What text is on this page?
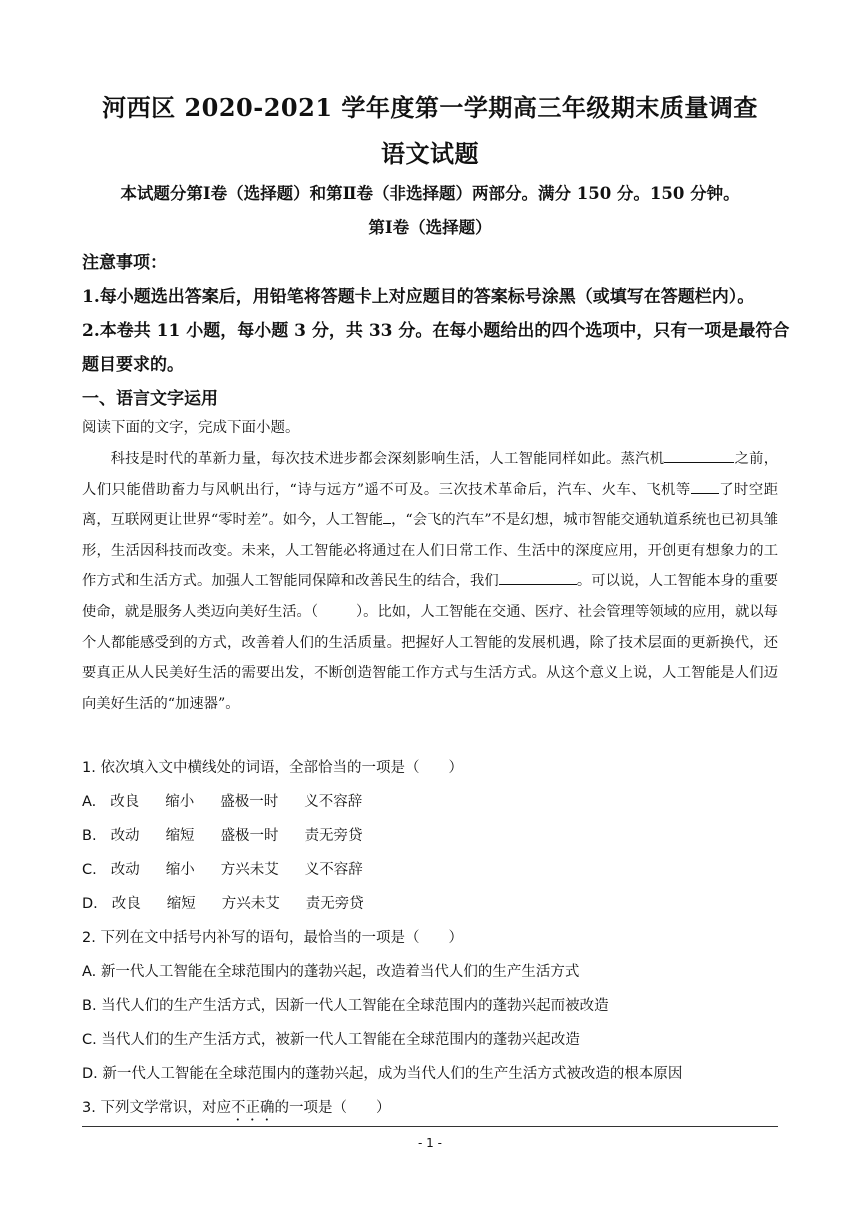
河西区 2020-2021 学年度第一学期高三年级期末质量调查
语文试题
本试题分第Ⅰ卷（选择题）和第Ⅱ卷（非选择题）两部分。满分 150 分。150 分钟。
第Ⅰ卷（选择题）
注意事项：
1.每小题选出答案后，用铅笔将答题卡上对应题目的答案标号涂黑（或填写在答题栏内）。
2.本卷共 11 小题，每小题 3 分，共 33 分。在每小题给出的四个选项中，只有一项是最符合
题目要求的。
一、语言文字运用
阅读下面的文字，完成下面小题。

科技是时代的革新力量，每次技术进步都会深刻影响生活，人工智能同样如此。蒸汽机	之前，人们只能借助畜力与风帆出行，“诗与远方”遥不可及。三次技术革命后，汽车、火车、飞机等 了时空距离，互联网更让世界“零时差”。如今，人工智能 ，“会飞的汽车”不是幻想，城市智能交通轨道系统也已初具雏形，生活因科技而改变。未来，人工智能必将通过在人们日常工作、生活中的深度应用，开创更有想象力的工作方式和生活方式。加强人工智能同保障和改善民生的结合，我们	。可以说，人工智能本身的重要使命，就是服务人类迈向美好生活。（	）。比如，人工智能在交通、医疗、社会管理等领域的应用，就以每个人都能感受到的方式，改善着人们的生活质量。把握好人工智能的发展机遇，除了技术层面的更新换代，还要真正从人民美好生活的需要出发，不断创造智能工作方式与生活方式。从这个意义上说，人工智能是人们迈向美好生活的“加速器”。

1. 依次填入文中横线处的词语，全部恰当的一项是（　　）
A. 改良 缩小 盛极一时 义不容辞
B. 改动 缩短 盛极一时 责无旁贷
C. 改动 缩小 方兴未艾 义不容辞
D. 改良 缩短 方兴未艾 责无旁贷
2. 下列在文中括号内补写的语句，最恰当的一项是（　　）
A. 新一代人工智能在全球范围内的蓬勃兴起，改造着当代人们的生产生活方式
B. 当代人们的生产生活方式，因新一代人工智能在全球范围内的蓬勃兴起而被改造
C. 当代人们的生产生活方式，被新一代人工智能在全球范围内的蓬勃兴起改造
D. 新一代人工智能在全球范围内的蓬勃兴起，成为当代人们的生产生活方式被改造的根本原因
3. 下列文学常识，对应不正确的一项是（　　）
- 1 -
